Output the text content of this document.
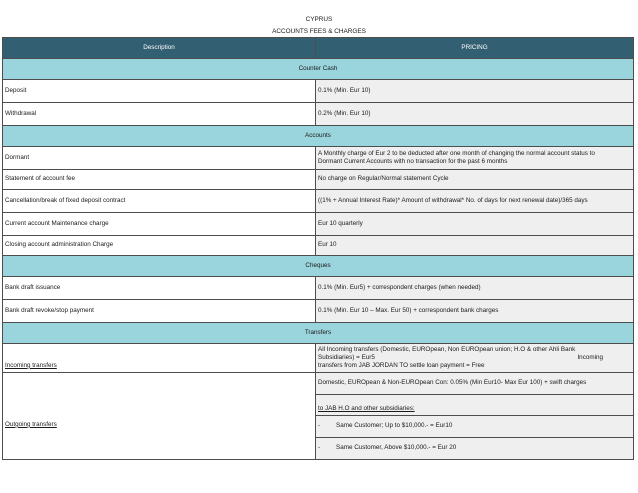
CYPRUS
ACCOUNTS FEES & CHARGES
Description	PRICING
Counter Cash	
Deposit	0.1% (Min. Eur 10)
Withdrawal	0.2% (Min. Eur 10)
Accounts	
Dormant	A Monthly charge of Eur 2 to be deducted after one month of changing the normal account status to
Dormant Current Accounts with no transaction for the past 6 months

Statement of account fee	No charge on Regular/Normal statement Cycle
Cancellation/break of fixed deposit contract	((1% + Annual Interest Rate)* Amount of withdrawal* No. of days for next renewal date)/365 days
Current account Maintenance charge	Eur 10 quarterly
Closing account administration Charge	Eur 10
Cheques	
Bank draft issuance	0.1% (Min. Eur5) + correspondent charges (when needed)
Bank draft revoke/stop payment	0.1% (Min. Eur 10 – Max. Eur 50) + correspondent bank charges
Transfers	
Incoming transfers	All Incoming transfers (Domestic, EUROpean, Non EUROpean union; H.O & other Ahli Bank
Subsidiaries) = Eur5 Incoming
transfers from JAB JORDAN TO settle loan payment = Free

Outgoing transfers	Domestic, EUROpean & Non-EUROpean Con: 0.05% (Min Eur10- Max Eur 100) + swift charges
	to JAB H.O and other subsidiaries:

	- Same Customer; Up to $10,000.- = Eur10

	- Same Customer, Above $10,000.- = Eur 20
